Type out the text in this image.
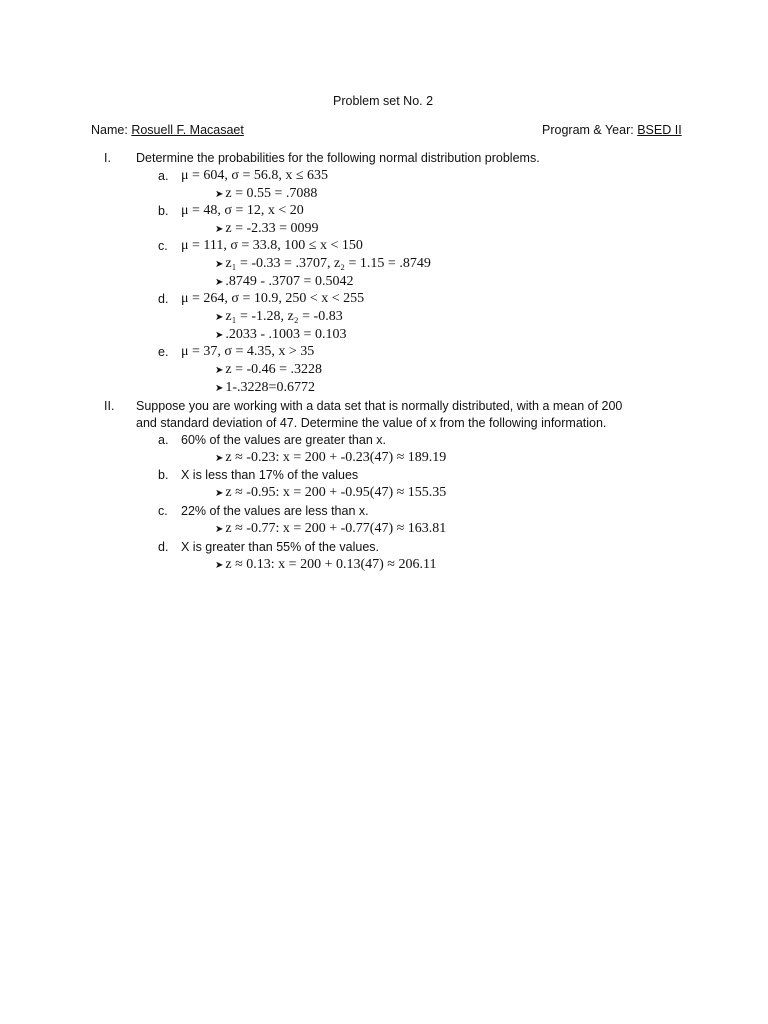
Problem set No. 2
Name: Rosuell F. Macasaet	Program & Year: BSED II
I. Determine the probabilities for the following normal distribution problems.
a. μ = 604, σ = 56.8, x ≤ 635
➤ z = 0.55 = .7088
b. μ = 48, σ = 12, x < 20
➤ z = -2.33 = 0099
c. μ = 111, σ = 33.8, 100 ≤ x < 150
➤ z₁ = -0.33 = .3707, z₂ = 1.15 = .8749
➤ .8749 - .3707 = 0.5042
d. μ = 264, σ = 10.9, 250 < x < 255
➤ z₁ = -1.28, z₂ = -0.83
➤ .2033 - .1003 = 0.103
e. μ = 37, σ = 4.35, x > 35
➤ z = -0.46 = .3228
➤ 1-.3228=0.6772
II. Suppose you are working with a data set that is normally distributed, with a mean of 200
and standard deviation of 47. Determine the value of x from the following information.
a. 60% of the values are greater than x.
➤ z ≈ -0.23: x = 200 + -0.23(47) ≈ 189.19
b. X is less than 17% of the values
➤ z ≈ -0.95: x = 200 + -0.95(47) ≈ 155.35
c. 22% of the values are less than x.
➤ z ≈ -0.77: x = 200 + -0.77(47) ≈ 163.81
d. X is greater than 55% of the values.
➤ z ≈ 0.13: x = 200 + 0.13(47) ≈ 206.11
